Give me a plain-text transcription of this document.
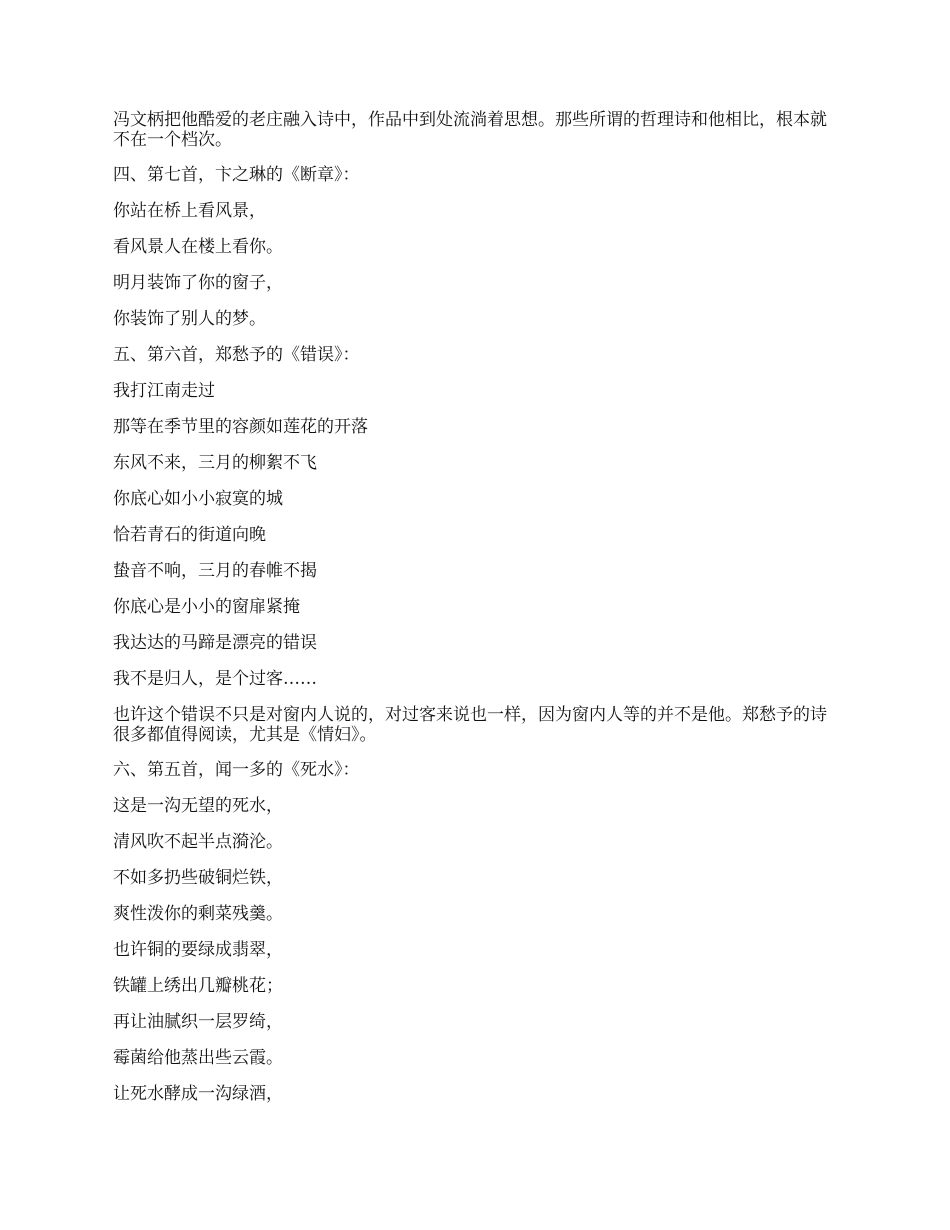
冯文柄把他酷爱的老庄融入诗中，作品中到处流淌着思想。那些所谓的哲理诗和他相比，根本就不在一个档次。

四、第七首，卞之琳的《断章》：

你站在桥上看风景，

看风景人在楼上看你。

明月装饰了你的窗子，

你装饰了别人的梦。

五、第六首，郑愁予的《错误》：

我打江南走过

那等在季节里的容颜如莲花的开落

东风不来，三月的柳絮不飞

你底心如小小寂寞的城

恰若青石的街道向晚

蛰音不响，三月的春帷不揭

你底心是小小的窗扉紧掩

我达达的马蹄是漂亮的错误

我不是归人，是个过客……

也许这个错误不只是对窗内人说的，对过客来说也一样，因为窗内人等的并不是他。郑愁予的诗很多都值得阅读，尤其是《情妇》。

六、第五首，闻一多的《死水》：

这是一沟无望的死水，

清风吹不起半点漪沦。

不如多扔些破铜烂铁，

爽性泼你的剩菜残羹。

也许铜的要绿成翡翠，

铁罐上绣出几瓣桃花；

再让油腻织一层罗绮，

霉菌给他蒸出些云霞。

让死水酵成一沟绿酒，
